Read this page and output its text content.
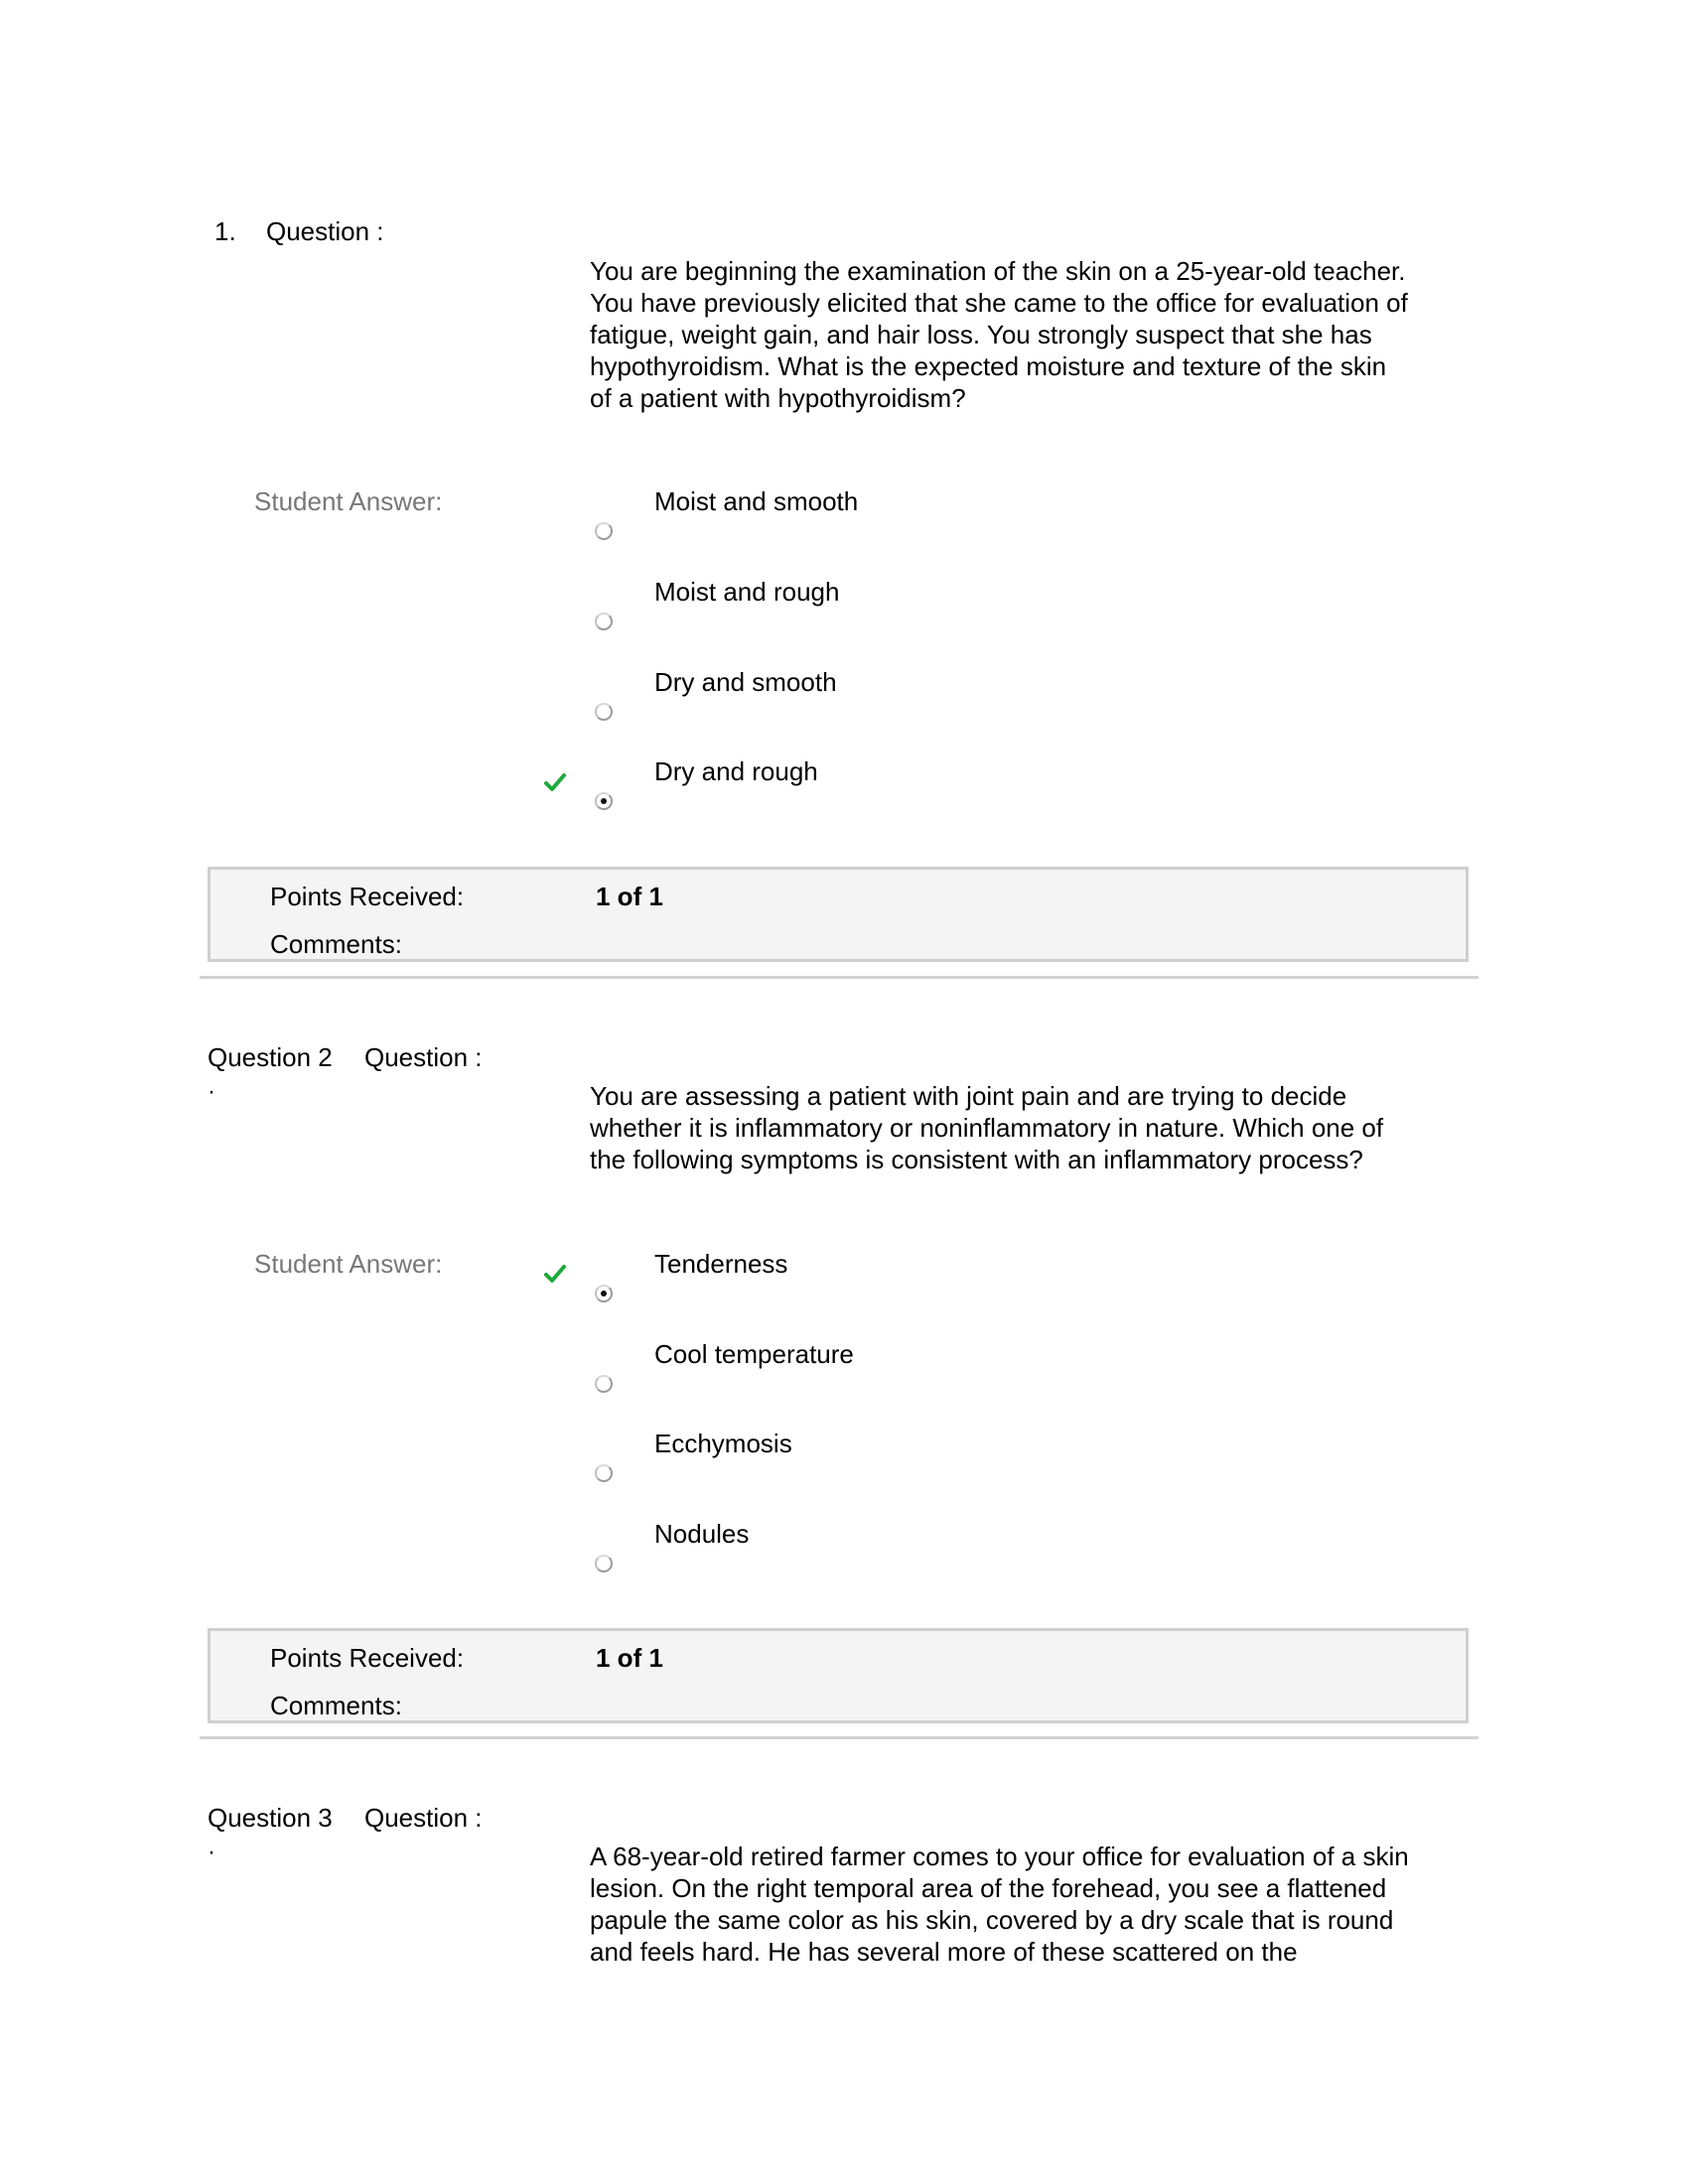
1. Question :
You are beginning the examination of the skin on a 25-year-old teacher.
You have previously elicited that she came to the office for evaluation of
fatigue, weight gain, and hair loss. You strongly suspect that she has
hypothyroidism. What is the expected moisture and texture of the skin
of a patient with hypothyroidism?
Student Answer:	Moist and smooth
Moist and rough
Dry and smooth
Dry and rough
Points Received:	1 of 1
Comments:
Question 2 Question :
·	You are assessing a patient with joint pain and are trying to decide
whether it is inflammatory or noninflammatory in nature. Which one of
the following symptoms is consistent with an inflammatory process?
Student Answer:	Tenderness
Cool temperature
Ecchymosis
Nodules
Points Received:	1 of 1
Comments:
Question 3 Question :
·	A 68-year-old retired farmer comes to your office for evaluation of a skin
lesion. On the right temporal area of the forehead, you see a flattened
papule the same color as his skin, covered by a dry scale that is round
and feels hard. He has several more of these scattered on the
